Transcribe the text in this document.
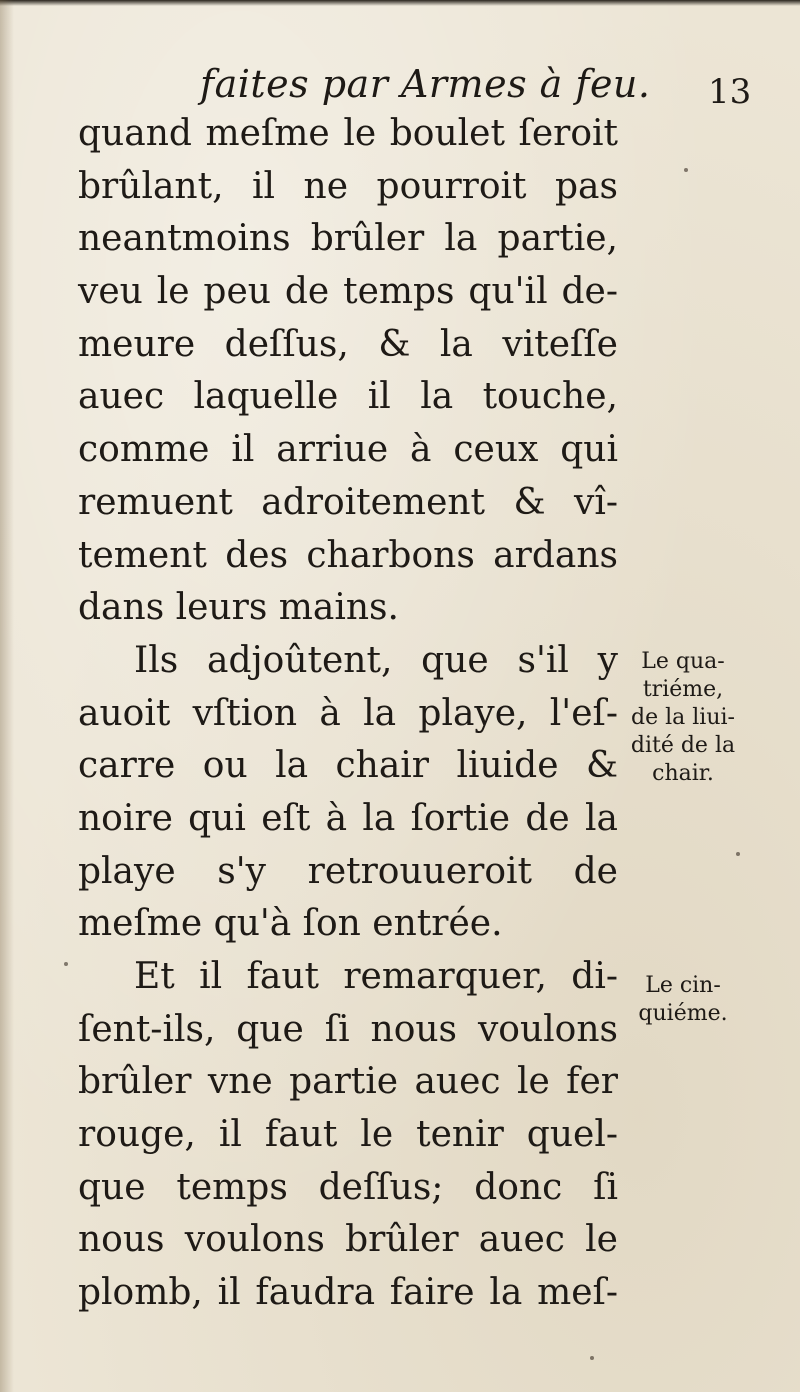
faites par Armes à feu. 13
quand meſme le boulet ſeroit
brûlant, il ne pourroit pas
neantmoins brûler la partie,
veu le peu de temps qu'il de-
meure deſſus, & la viteſſe
auec laquelle il la touche,
comme il arriue à ceux qui
remuent adroitement & vî-
tement des charbons ardans
dans leurs mains.
Ils adjoûtent, que s'il y
auoit vſtion à la playe, l'eſ-
carre ou la chair liuide &
noire qui eſt à la ſortie de la
playe s'y retrouueroit de
meſme qu'à ſon entrée.
Et il faut remarquer, di-
ſent-ils, que ſi nous voulons
brûler vne partie auec le fer
rouge, il faut le tenir quel-
que temps deſſus; donc ſi
nous voulons brûler auec le
plomb, il faudra faire la meſ-
Le qua-
triéme,
de la liui-
dité de la
chair.
Le cin-
quiéme.
